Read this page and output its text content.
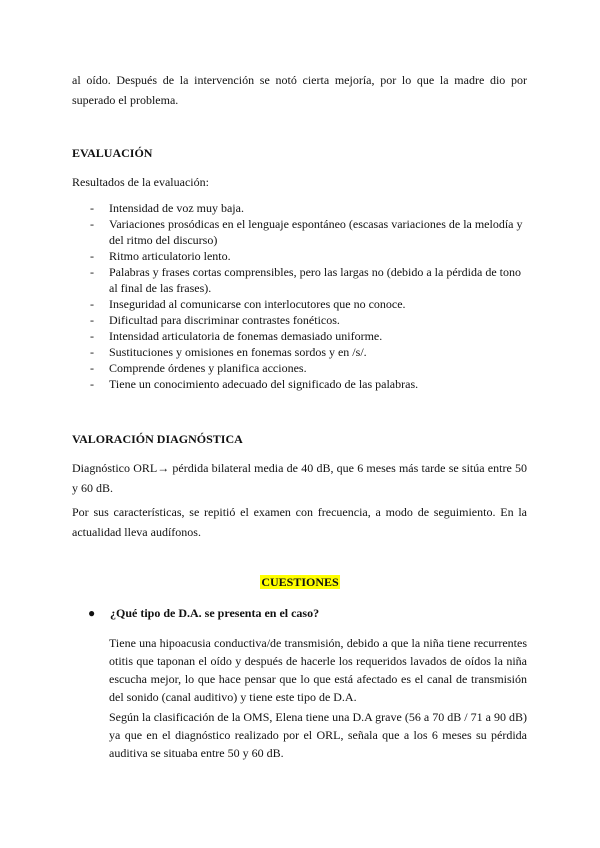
al oído. Después de la intervención se notó cierta mejoría, por lo que la madre dio por superado el problema.
EVALUACIÓN
Resultados de la evaluación:
- Intensidad de voz muy baja.
- Variaciones prosódicas en el lenguaje espontáneo (escasas variaciones de la melodía y del ritmo del discurso)
- Ritmo articulatorio lento.
- Palabras y frases cortas comprensibles, pero las largas no (debido a la pérdida de tono al final de las frases).
- Inseguridad al comunicarse con interlocutores que no conoce.
- Dificultad para discriminar contrastes fonéticos.
- Intensidad articulatoria de fonemas demasiado uniforme.
- Sustituciones y omisiones en fonemas sordos y en /s/.
- Comprende órdenes y planifica acciones.
- Tiene un conocimiento adecuado del significado de las palabras.
VALORACIÓN DIAGNÓSTICA
Diagnóstico ORL→ pérdida bilateral media de 40 dB, que 6 meses más tarde se sitúa entre 50 y 60 dB.
Por sus características, se repitió el examen con frecuencia, a modo de seguimiento. En la actualidad lleva audífonos.
CUESTIONES
● ¿Qué tipo de D.A. se presenta en el caso?
Tiene una hipoacusia conductiva/de transmisión, debido a que la niña tiene recurrentes otitis que taponan el oído y después de hacerle los requeridos lavados de oídos la niña escucha mejor, lo que hace pensar que lo que está afectado es el canal de transmisión del sonido (canal auditivo) y tiene este tipo de D.A.
Según la clasificación de la OMS, Elena tiene una D.A grave (56 a 70 dB / 71 a 90 dB) ya que en el diagnóstico realizado por el ORL, señala que a los 6 meses su pérdida auditiva se situaba entre 50 y 60 dB.
